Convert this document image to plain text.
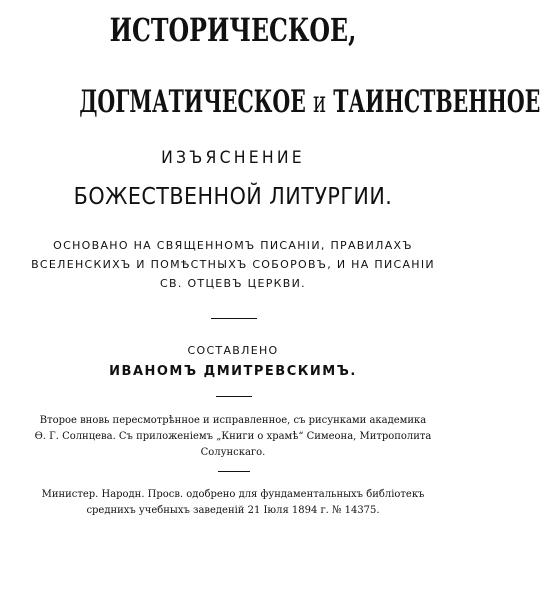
ИСТОРИЧЕСКОЕ,
ДОГМАТИЧЕСКОЕ и ТАИНСТВЕННОЕ
ИЗЪЯСНЕНИЕ
БОЖЕСТВЕННОЙ ЛИТУРГИИ.
ОСНОВАНО НА СВЯЩЕННОМЪ ПИСАНIИ, ПРАВИЛАХЪ
ВСЕЛЕНСКИХЪ И ПОМѢСТНЫХЪ СОБОРОВЪ, И НА ПИСАНIИ
СВ. ОТЦЕВЪ ЦЕРКВИ.
СОСТАВЛЕНО
ИВАНОМЪ ДМИТРЕВСКИМЪ.
Второе вновь пересмотрѣнное и исправленное, съ рисунками академика
Ѳ. Г. Солнцева. Съ приложенiемъ „Книги о храмѣ“ Симеона, Митрополита
Солунскаго.
Министер. Народн. Просв. одобрено для фундаментальныхъ библiотекъ
среднихъ учебныхъ заведенiй 21 Iюля 1894 г. № 14375.
